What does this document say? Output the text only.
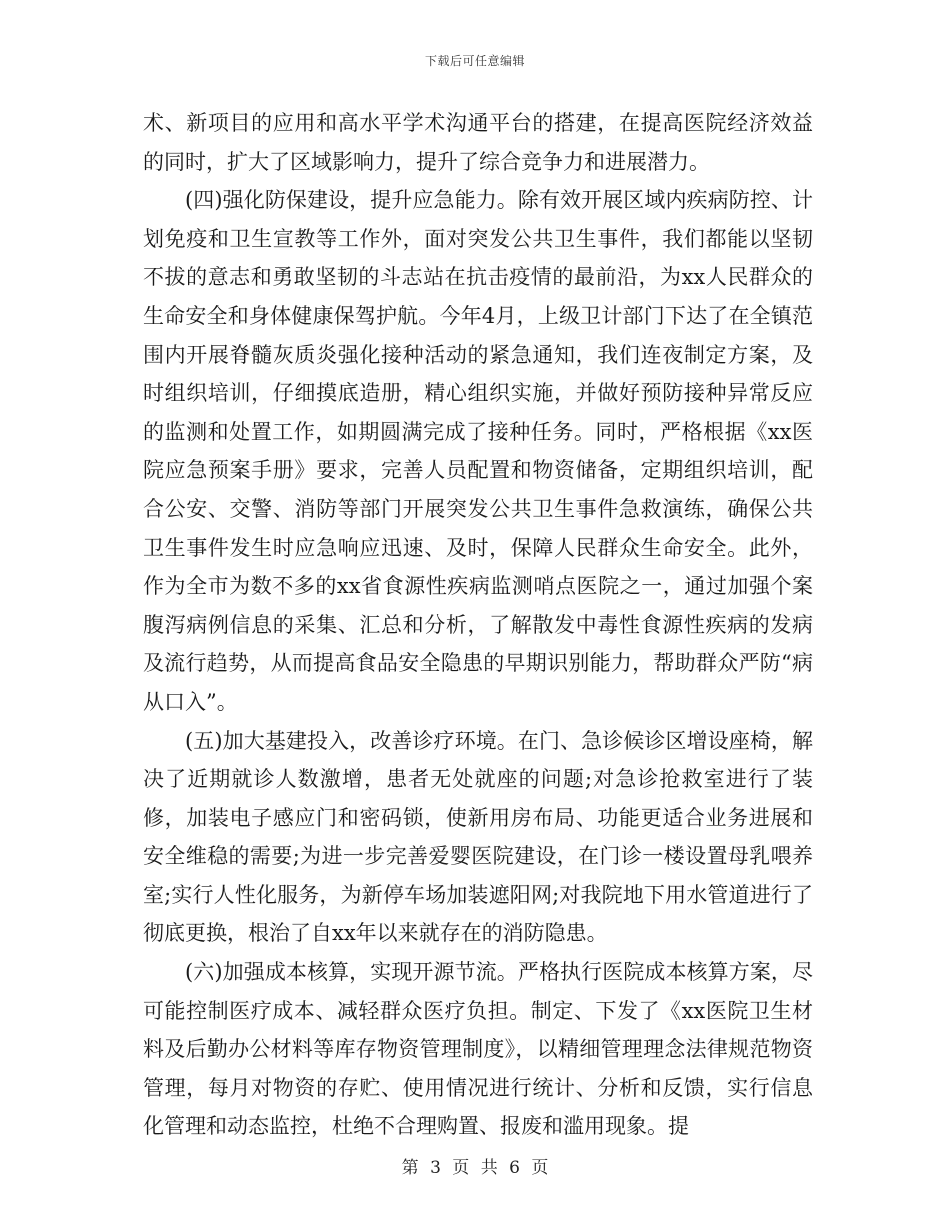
下载后可任意编辑

术、新项目的应用和高水平学术沟通平台的搭建，在提高医院经济效益的同时，扩大了区域影响力，提升了综合竞争力和进展潜力。

(四)强化防保建设，提升应急能力。除有效开展区域内疾病防控、计划免疫和卫生宣教等工作外，面对突发公共卫生事件，我们都能以坚韧不拔的意志和勇敢坚韧的斗志站在抗击疫情的最前沿，为xx人民群众的生命安全和身体健康保驾护航。今年4月，上级卫计部门下达了在全镇范围内开展脊髓灰质炎强化接种活动的紧急通知，我们连夜制定方案，及时组织培训，仔细摸底造册，精心组织实施，并做好预防接种异常反应的监测和处置工作，如期圆满完成了接种任务。同时，严格根据《xx医院应急预案手册》要求，完善人员配置和物资储备，定期组织培训，配合公安、交警、消防等部门开展突发公共卫生事件急救演练，确保公共卫生事件发生时应急响应迅速、及时，保障人民群众生命安全。此外，作为全市为数不多的xx省食源性疾病监测哨点医院之一，通过加强个案腹泻病例信息的采集、汇总和分析，了解散发中毒性食源性疾病的发病及流行趋势，从而提高食品安全隐患的早期识别能力，帮助群众严防“病从口入”。

(五)加大基建投入，改善诊疗环境。在门、急诊候诊区增设座椅，解决了近期就诊人数激增，患者无处就座的问题;对急诊抢救室进行了装修，加装电子感应门和密码锁，使新用房布局、功能更适合业务进展和安全维稳的需要;为进一步完善爱婴医院建设，在门诊一楼设置母乳喂养室;实行人性化服务，为新停车场加装遮阳网;对我院地下用水管道进行了彻底更换，根治了自xx年以来就存在的消防隐患。

(六)加强成本核算，实现开源节流。严格执行医院成本核算方案，尽可能控制医疗成本、减轻群众医疗负担。制定、下发了《xx医院卫生材料及后勤办公材料等库存物资管理制度》，以精细管理理念法律规范物资管理，每月对物资的存贮、使用情况进行统计、分析和反馈，实行信息化管理和动态监控，杜绝不合理购置、报废和滥用现象。提

第 3 页 共 6 页
